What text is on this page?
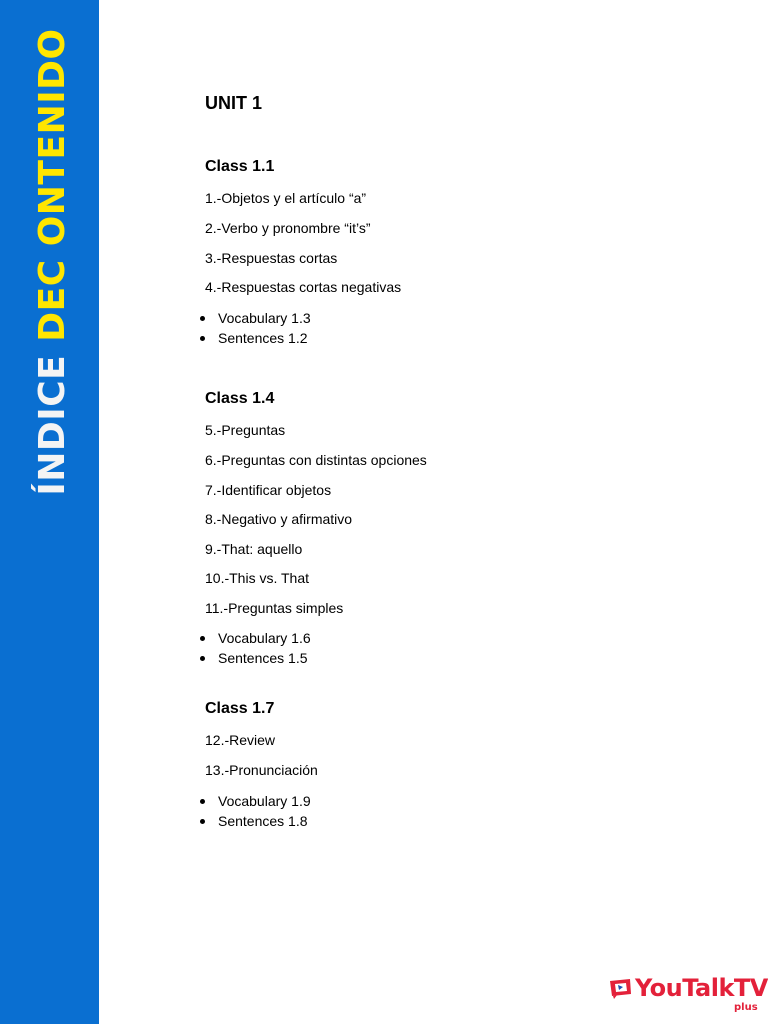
ÍNDICE DEC ONTENIDO	UNIT 1
Class 1.1
1.-Objetos y el artículo “a”
2.-Verbo y pronombre “it’s”
3.-Respuestas cortas
4.-Respuestas cortas negativas
Vocabulary 1.3
Sentences 1.2
Class 1.4
5.-Preguntas
6.-Preguntas con distintas opciones
7.-Identificar objetos
8.-Negativo y afirmativo
9.-That: aquello
10.-This vs. That
11.-Preguntas simples
Vocabulary 1.6
Sentences 1.5
Class 1.7
12.-Review
13.-Pronunciación
Vocabulary 1.9
Sentences 1.8
YouTalkTV
plus
